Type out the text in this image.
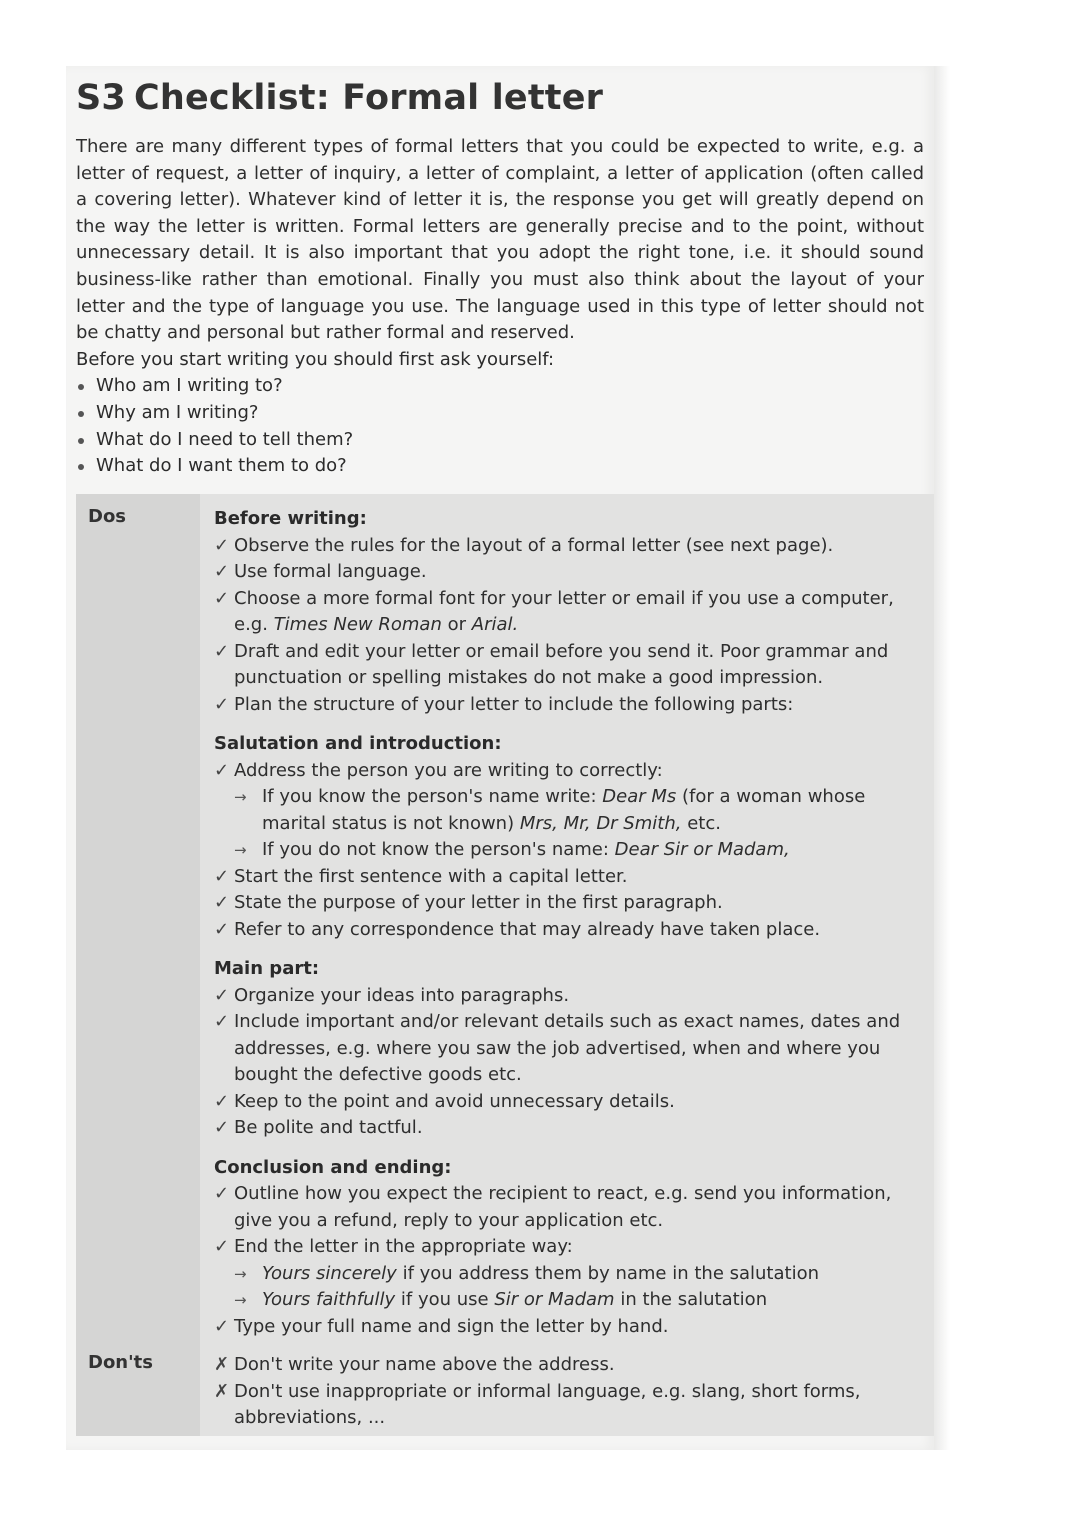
S3 Checklist: Formal letter

There are many different types of formal letters that you could be expected to write, e.g. a letter of request, a letter of inquiry, a letter of complaint, a letter of application (often called a covering letter). Whatever kind of letter it is, the response you get will greatly depend on the way the letter is written. Formal letters are generally precise and to the point, without unnecessary detail. It is also important that you adopt the right tone, i.e. it should sound business-like rather than emotional. Finally you must also think about the layout of your letter and the type of language you use. The language used in this type of letter should not be chatty and personal but rather formal and reserved.

Before you start writing you should first ask yourself:

Who am I writing to?
Why am I writing?
What do I need to tell them?
What do I want them to do?
Dos
Don'ts

Before writing:

✓ Observe the rules for the layout of a formal letter (see next page).
✓ Use formal language.
✓ Choose a more formal font for your letter or email if you use a computer, e.g. Times New Roman or Arial.
✓ Draft and edit your letter or email before you send it. Poor grammar and punctuation or spelling mistakes do not make a good impression.
✓ Plan the structure of your letter to include the following parts:

Salutation and introduction:

✓ Address the person you are writing to correctly:
→ If you know the person's name write: Dear Ms (for a woman whose marital status is not known) Mrs, Mr, Dr Smith, etc.
→ If you do not know the person's name: Dear Sir or Madam,
✓ Start the first sentence with a capital letter.
✓ State the purpose of your letter in the first paragraph.
✓ Refer to any correspondence that may already have taken place.

Main part:

✓ Organize your ideas into paragraphs.
✓ Include important and/or relevant details such as exact names, dates and addresses, e.g. where you saw the job advertised, when and where you bought the defective goods etc.
✓ Keep to the point and avoid unnecessary details.
✓ Be polite and tactful.

Conclusion and ending:

✓ Outline how you expect the recipient to react, e.g. send you information, give you a refund, reply to your application etc.
✓ End the letter in the appropriate way:
→ Yours sincerely if you address them by name in the salutation
→ Yours faithfully if you use Sir or Madam in the salutation
✓ Type your full name and sign the letter by hand.
✗ Don't write your name above the address.
✗ Don't use inappropriate or informal language, e.g. slang, short forms, abbreviations, ...
